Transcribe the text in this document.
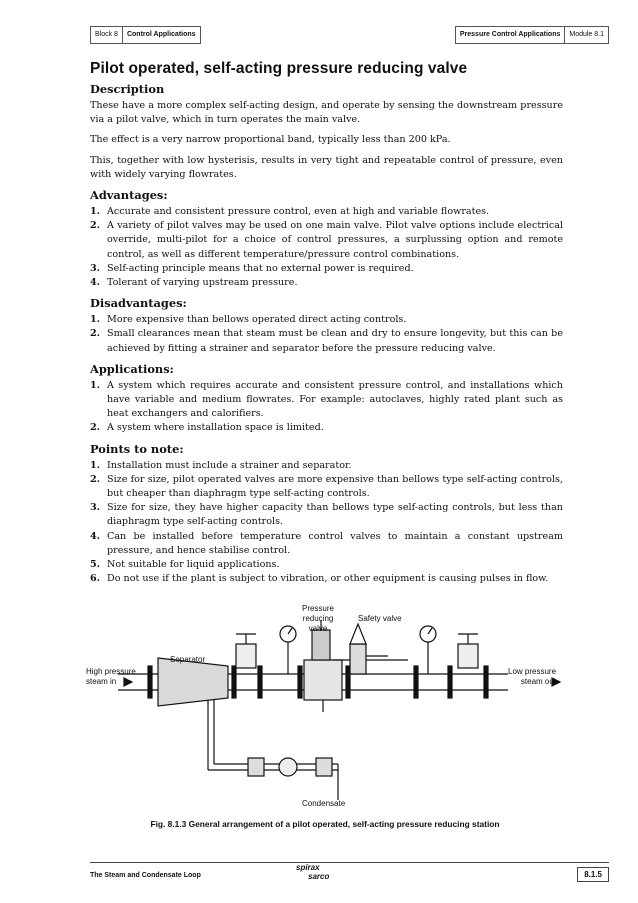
Block 8	Control Applications	Pressure Control Applications	Module 8.1
Pilot operated, self-acting pressure reducing valve
Description

These have a more complex self-acting design, and operate by sensing the downstream pressure via a pilot valve, which in turn operates the main valve.

The effect is a very narrow proportional band, typically less than 200 kPa.

This, together with low hysterisis, results in very tight and repeatable control of pressure, even with widely varying flowrates.

Advantages:
1. Accurate and consistent pressure control, even at high and variable flowrates.
2. A variety of pilot valves may be used on one main valve. Pilot valve options include electrical override, multi-pilot for a choice of control pressures, a surplussing option and remote control, as well as different temperature/pressure control combinations.
3. Self-acting principle means that no external power is required.
4. Tolerant of varying upstream pressure.
Disadvantages:
1. More expensive than bellows operated direct acting controls.
2. Small clearances mean that steam must be clean and dry to ensure longevity, but this can be achieved by fitting a strainer and separator before the pressure reducing valve.
Applications:
1. A system which requires accurate and consistent pressure control, and installations which have variable and medium flowrates. For example: autoclaves, highly rated plant such as heat exchangers and calorifiers.
2. A system where installation space is limited.
Points to note:
1. Installation must include a strainer and separator.
2. Size for size, pilot operated valves are more expensive than bellows type self-acting controls, but cheaper than diaphragm type self-acting controls.
3. Size for size, they have higher capacity than bellows type self-acting controls, but less than diaphragm type self-acting controls.
4. Can be installed before temperature control valves to maintain a constant upstream pressure, and hence stabilise control.
5. Not suitable for liquid applications.
6. Do not use if the plant is subject to vibration, or other equipment is causing pulses in flow.
Pressure
reducing
valve
Safety valve
Separator
High pressure
steam in
Low pressure
steam out
Condensate
Fig. 8.1.3 General arrangement of a pilot operated, self-acting pressure reducing station
The Steam and Condensate Loop
spirax
sarco	8.1.5
